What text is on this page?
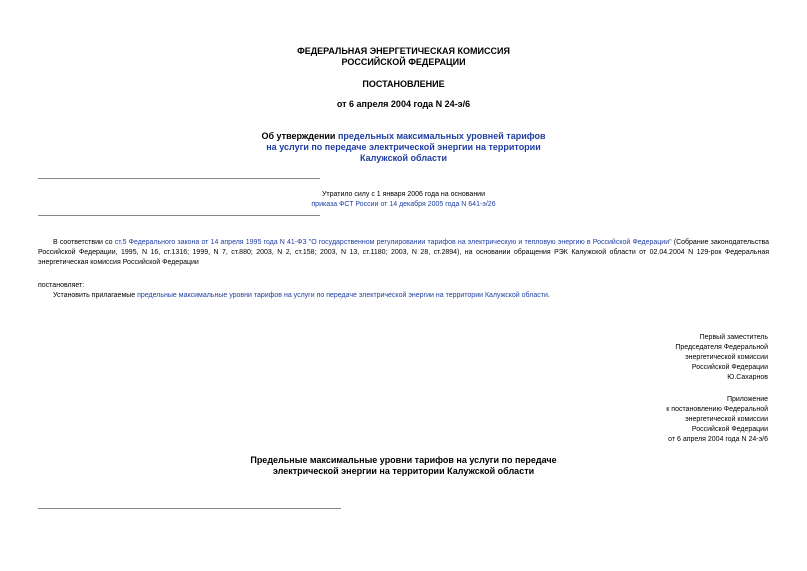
ФЕДЕРАЛЬНАЯ ЭНЕРГЕТИЧЕСКАЯ КОМИССИЯ
РОССИЙСКОЙ ФЕДЕРАЦИИ
ПОСТАНОВЛЕНИЕ
от 6 апреля 2004 года N 24-э/6
Об утверждении предельных максимальных уровней тарифов
на услуги по передаче электрической энергии на территории
Калужской области
Утратило силу с 1 января 2006 года на основании
приказа ФСТ России от 14 декабря 2005 года N 641-э/26
В соответствии со ст.5 Федерального закона от 14 апреля 1995 года N 41-ФЗ "О государственном регулировании тарифов на электрическую и тепловую энергию в Российской Федерации" (Собрание законодательства Российской Федерации, 1995, N 16, ст.1316; 1999, N 7, ст.880; 2003, N 2, ст.158; 2003, N 13, ст.1180; 2003, N 28, ст.2894), на основании обращения РЭК Калужской области от 02.04.2004 N 129-рок Федеральная энергетическая комиссия Российской Федерации
постановляет:
Установить прилагаемые предельные максимальные уровни тарифов на услуги по передаче электрической энергии на территории Калужской области.
Первый заместитель
Председателя Федеральной
энергетической комиссии
Российской Федерации
Ю.Сахарнов
Приложение
к постановлению Федеральной
энергетической комиссии
Российской Федерации
от 6 апреля 2004 года N 24-э/6
Предельные максимальные уровни тарифов на услуги по передаче
электрической энергии на территории Калужской области
